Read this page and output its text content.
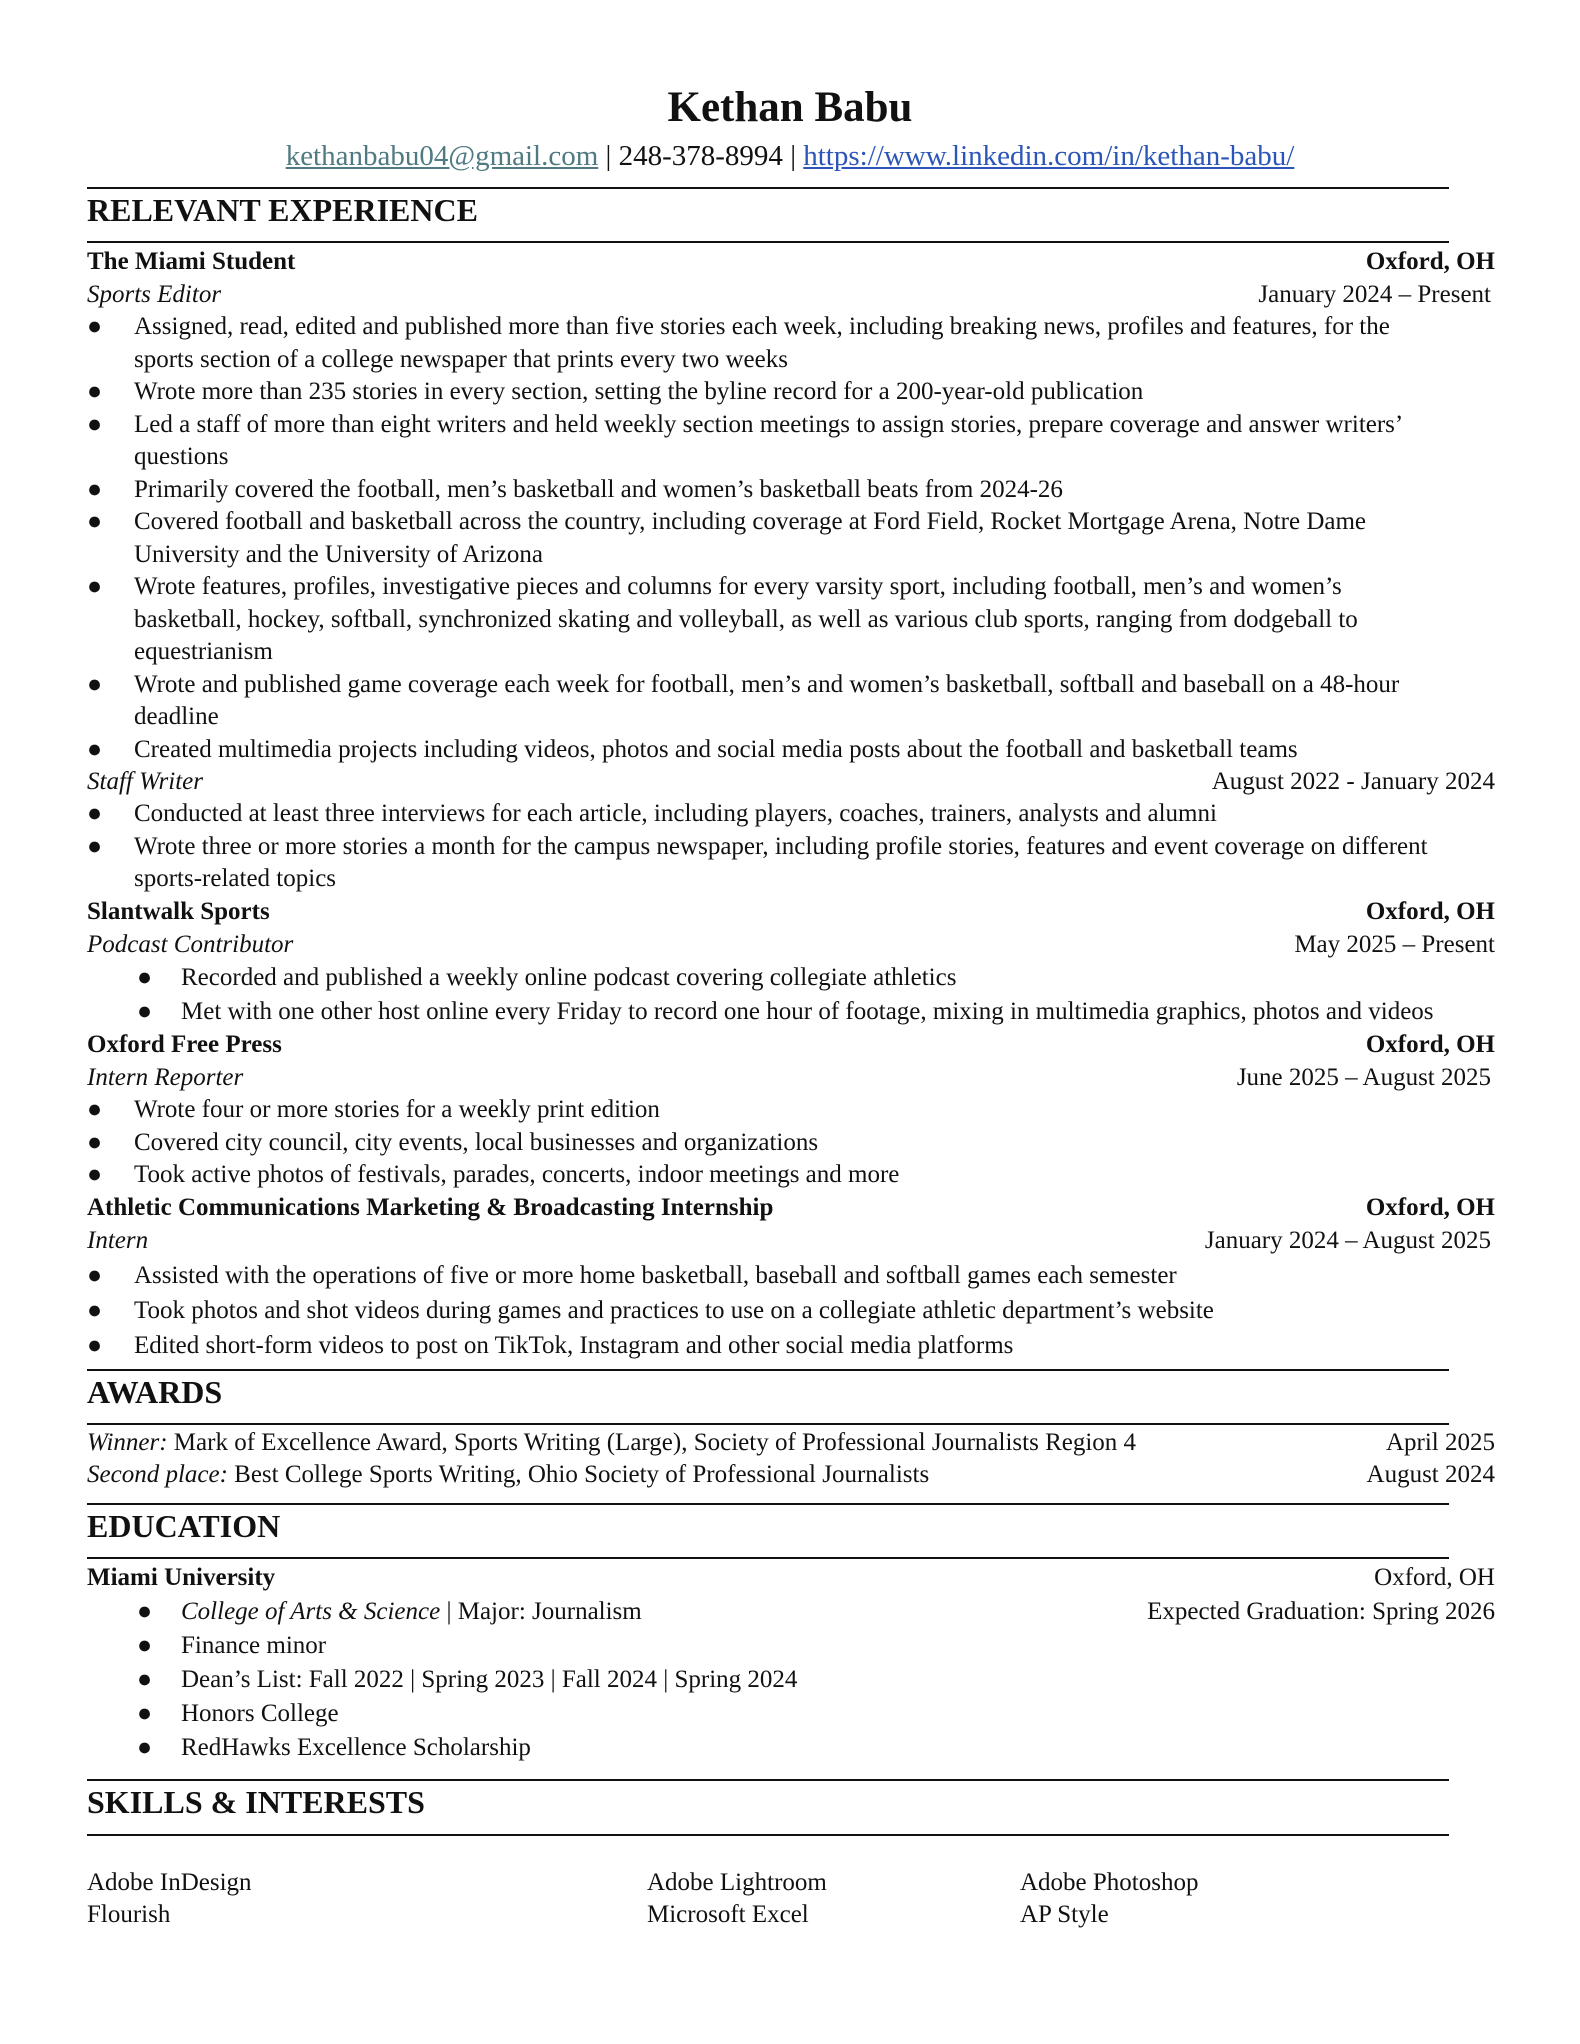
Kethan Babu
kethanbabu04@gmail.com | 248-378-8994 | https://www.linkedin.com/in/kethan-babu/
RELEVANT EXPERIENCE
The Miami Student	Oxford, OH
Sports Editor	January 2024 – Present
● Assigned, read, edited and published more than five stories each week, including breaking news, profiles and features, for the
sports section of a college newspaper that prints every two weeks
● Wrote more than 235 stories in every section, setting the byline record for a 200-year-old publication
● Led a staff of more than eight writers and held weekly section meetings to assign stories, prepare coverage and answer writers’
questions
● Primarily covered the football, men’s basketball and women’s basketball beats from 2024-26
● Covered football and basketball across the country, including coverage at Ford Field, Rocket Mortgage Arena, Notre Dame
University and the University of Arizona
● Wrote features, profiles, investigative pieces and columns for every varsity sport, including football, men’s and women’s
basketball, hockey, softball, synchronized skating and volleyball, as well as various club sports, ranging from dodgeball to
equestrianism
● Wrote and published game coverage each week for football, men’s and women’s basketball, softball and baseball on a 48-hour
deadline
● Created multimedia projects including videos, photos and social media posts about the football and basketball teams
Staff Writer	August 2022 - January 2024
● Conducted at least three interviews for each article, including players, coaches, trainers, analysts and alumni
● Wrote three or more stories a month for the campus newspaper, including profile stories, features and event coverage on different
sports-related topics
Slantwalk Sports	Oxford, OH
Podcast Contributor	May 2025 – Present
● Recorded and published a weekly online podcast covering collegiate athletics
● Met with one other host online every Friday to record one hour of footage, mixing in multimedia graphics, photos and videos
Oxford Free Press	Oxford, OH
Intern Reporter	June 2025 – August 2025
● Wrote four or more stories for a weekly print edition
● Covered city council, city events, local businesses and organizations
● Took active photos of festivals, parades, concerts, indoor meetings and more
Athletic Communications Marketing & Broadcasting Internship	Oxford, OH
Intern	January 2024 – August 2025
● Assisted with the operations of five or more home basketball, baseball and softball games each semester
● Took photos and shot videos during games and practices to use on a collegiate athletic department’s website
● Edited short-form videos to post on TikTok, Instagram and other social media platforms
AWARDS
Winner: Mark of Excellence Award, Sports Writing (Large), Society of Professional Journalists Region 4	April 2025
Second place: Best College Sports Writing, Ohio Society of Professional Journalists	August 2024
EDUCATION
Miami University	Oxford, OH
● College of Arts & Science | Major: Journalism	Expected Graduation: Spring 2026
● Finance minor
● Dean’s List: Fall 2022 | Spring 2023 | Fall 2024 | Spring 2024
● Honors College
● RedHawks Excellence Scholarship
SKILLS & INTERESTS
Adobe InDesign	Adobe Lightroom	Adobe Photoshop
Flourish	Microsoft Excel	AP Style
